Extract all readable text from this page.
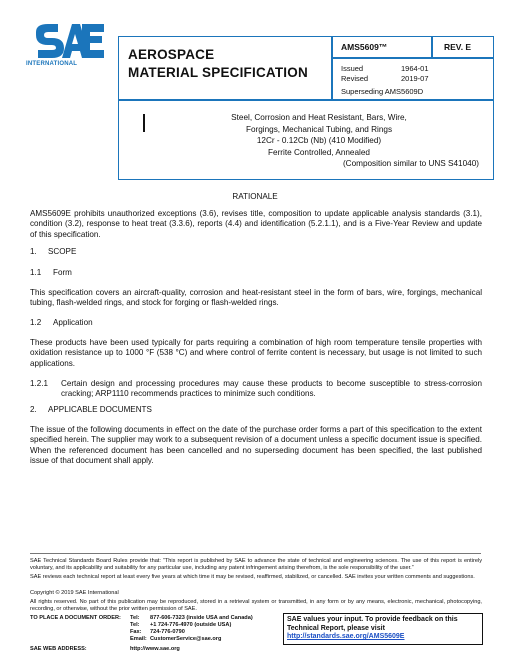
INTERNATIONAL
AEROSPACE
MATERIAL SPECIFICATION
AMS5609™	REV. E
Issued	1964-01
Revised	2019-07
Superseding AMS5609D
Steel, Corrosion and Heat Resistant, Bars, Wire,
Forgings, Mechanical Tubing, and Rings
12Cr - 0.12Cb (Nb) (410 Modified)
Ferrite Controlled, Annealed
(Composition similar to UNS S41040)
RATIONALE
AMS5609E prohibits unauthorized exceptions (3.6), revises title, composition to update applicable analysis standards (3.1), condition (3.2), response to heat treat (3.3.6), reports (4.4) and identification (5.2.1.1), and is a Five-Year Review and update of this specification.
1. SCOPE
1.1 Form
This specification covers an aircraft-quality, corrosion and heat-resistant steel in the form of bars, wire, forgings, mechanical tubing, flash-welded rings, and stock for forging or flash-welded rings.
1.2 Application
These products have been used typically for parts requiring a combination of high room temperature tensile properties with oxidation resistance up to 1000 °F (538 °C) and where control of ferrite content is necessary, but usage is not limited to such applications.
1.2.1 Certain design and processing procedures may cause these products to become susceptible to stress-corrosion cracking; ARP1110 recommends practices to minimize such conditions.
2. APPLICABLE DOCUMENTS
The issue of the following documents in effect on the date of the purchase order forms a part of this specification to the extent specified herein. The supplier may work to a subsequent revision of a document unless a specific document issue is specified. When the referenced document has been cancelled and no superseding document has been specified, the last published issue of that document shall apply.
SAE Technical Standards Board Rules provide that: “This report is published by SAE to advance the state of technical and engineering sciences. The use of this report is entirely voluntary, and its applicability and suitability for any particular use, including any patent infringement arising therefrom, is the sole responsibility of the user.”
SAE reviews each technical report at least every five years at which time it may be revised, reaffirmed, stabilized, or cancelled. SAE invites your written comments and suggestions.
Copyright © 2019 SAE International
All rights reserved. No part of this publication may be reproduced, stored in a retrieval system or transmitted, in any form or by any means, electronic, mechanical, photocopying, recording, or otherwise, without the prior written permission of SAE.
TO PLACE A DOCUMENT ORDER: Tel: 877-606-7323 (inside USA and Canada)
Tel: +1 724-776-4970 (outside USA)
Fax: 724-776-0790
Email: CustomerService@sae.org
SAE WEB ADDRESS:	http://www.sae.org
SAE values your input. To provide feedback on this
Technical Report, please visit
http://standards.sae.org/AMS5609E
